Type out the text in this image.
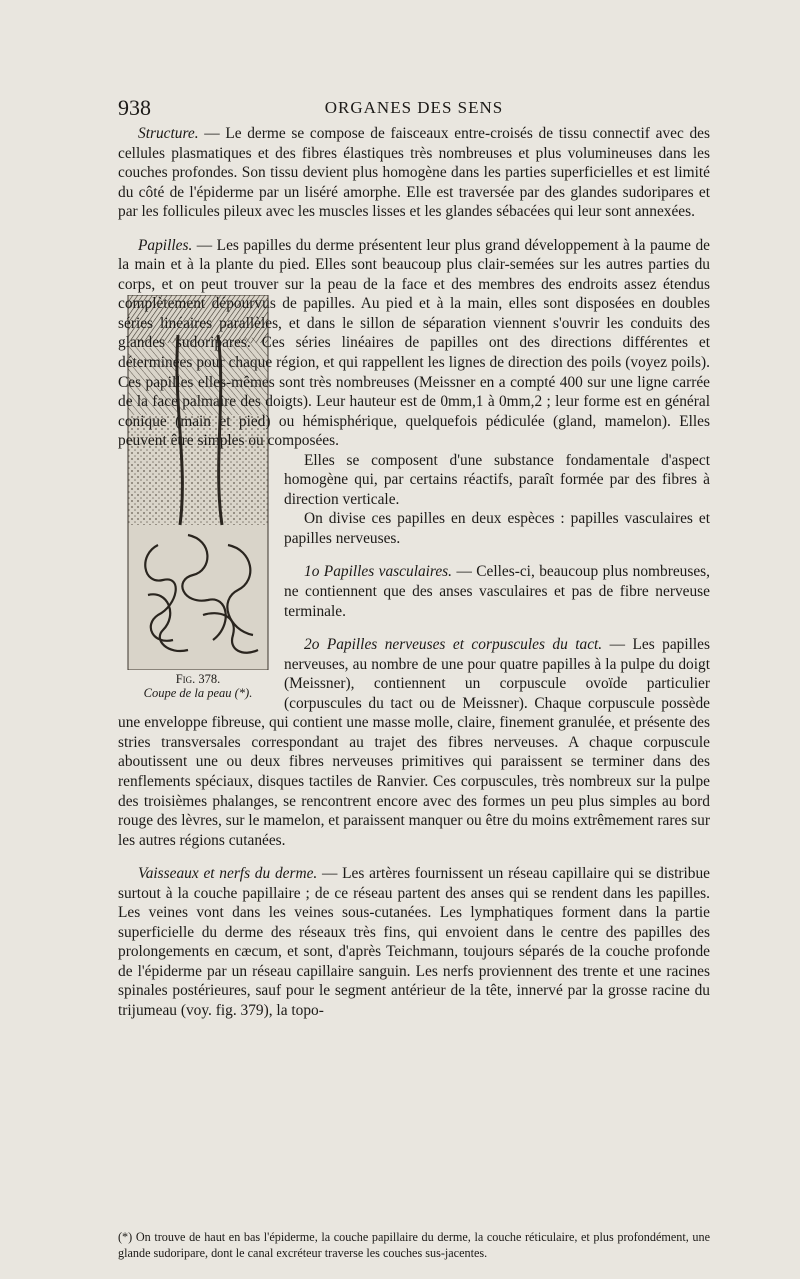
938	ORGANES DES SENS

Structure. — Le derme se compose de faisceaux entre-croisés de tissu connectif avec des cellules plasmatiques et des fibres élastiques très nombreuses et plus volumineuses dans les couches profondes. Son tissu devient plus homogène dans les parties superficielles et est limité du côté de l'épiderme par un liséré amorphe. Elle est traversée par des glandes sudoripares et par les follicules pileux avec les muscles lisses et les glandes sébacées qui leur sont annexées.

Papilles. — Les papilles du derme présentent leur plus grand développement à la paume de la main et à la plante du pied. Elles sont beaucoup plus clair-semées sur les autres parties du corps, et on peut trouver sur la peau de la face et des membres des endroits assez étendus complètement dépourvus de papilles. Au pied et à la main, elles sont disposées en doubles séries linéaires parallèles, et dans le sillon de séparation viennent s'ouvrir les conduits des glandes sudoripares. Ces séries linéaires de papilles ont des directions différentes et déterminées pour chaque région, et qui rappellent les lignes de direction des poils (voyez poils). Ces papilles elles-mêmes sont très nombreuses (Meissner en a compté 400 sur une ligne carrée de la face palmaire des doigts). Leur hauteur est de 0mm,1 à 0mm,2 ; leur forme est en général conique (main et pied) ou hémisphérique, quelquefois pédiculée (gland, mamelon). Elles peuvent être simples ou composées.

Fig. 378.
Coupe de la peau (*).

Elles se composent d'une substance fondamentale d'aspect homogène qui, par certains réactifs, paraît formée par des fibres à direction verticale.

On divise ces papilles en deux espèces : papilles vasculaires et papilles nerveuses.

1o Papilles vasculaires. — Celles-ci, beaucoup plus nombreuses, ne contiennent que des anses vasculaires et pas de fibre nerveuse terminale.

2o Papilles nerveuses et corpuscules du tact. — Les papilles nerveuses, au nombre de une pour quatre papilles à la pulpe du doigt (Meissner), contiennent un corpuscule ovoïde particulier (corpuscules du tact ou de Meissner). Chaque corpuscule possède une enveloppe fibreuse, qui contient une masse molle, claire, finement granulée, et présente des stries transversales correspondant au trajet des fibres nerveuses. A chaque corpuscule aboutissent une ou deux fibres nerveuses primitives qui paraissent se terminer dans des renflements spéciaux, disques tactiles de Ranvier. Ces corpuscules, très nombreux sur la pulpe des troisièmes phalanges, se rencontrent encore avec des formes un peu plus simples au bord rouge des lèvres, sur le mamelon, et paraissent manquer ou être du moins extrêmement rares sur les autres régions cutanées.

Vaisseaux et nerfs du derme. — Les artères fournissent un réseau capillaire qui se distribue surtout à la couche papillaire ; de ce réseau partent des anses qui se rendent dans les papilles. Les veines vont dans les veines sous-cutanées. Les lymphatiques forment dans la partie superficielle du derme des réseaux très fins, qui envoient dans le centre des papilles des prolongements en cæcum, et sont, d'après Teichmann, toujours séparés de la couche profonde de l'épiderme par un réseau capillaire sanguin. Les nerfs proviennent des trente et une racines spinales postérieures, sauf pour le segment antérieur de la tête, innervé par la grosse racine du trijumeau (voy. fig. 379), la topo-

(*) On trouve de haut en bas l'épiderme, la couche papillaire du derme, la couche réticulaire, et plus profondément, une glande sudoripare, dont le canal excréteur traverse les couches sus-jacentes.
